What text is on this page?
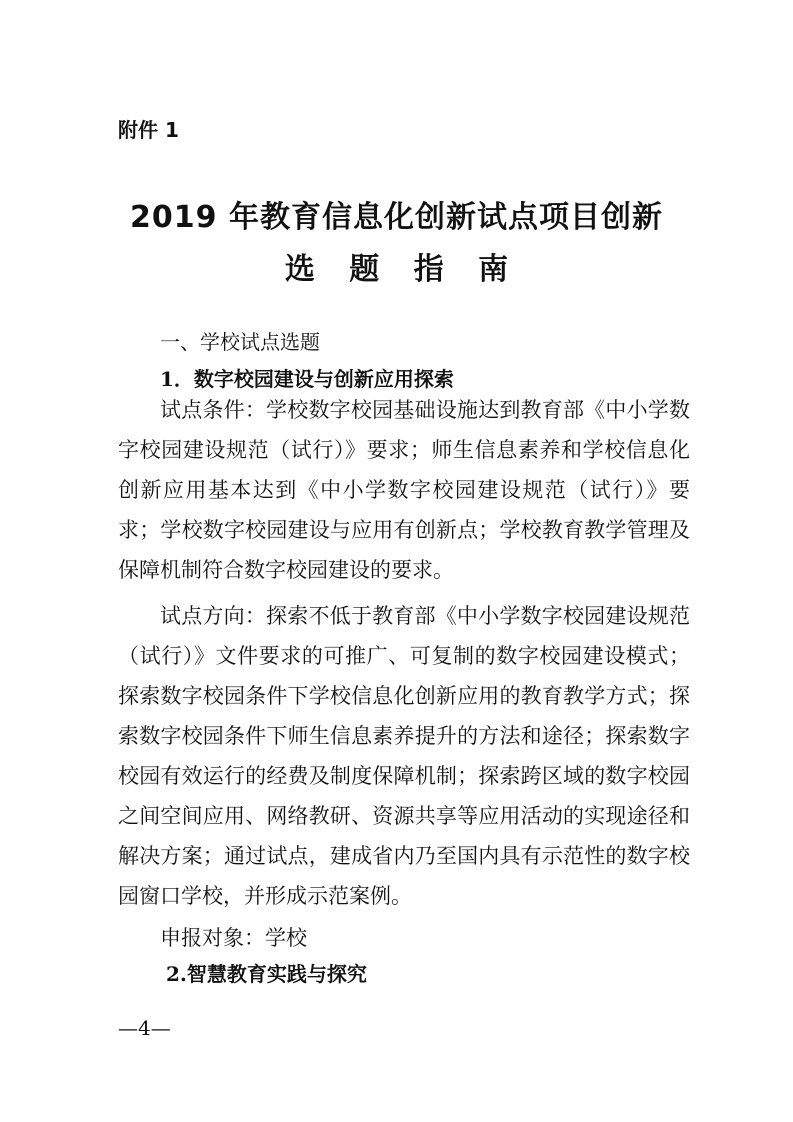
附件 1
2019 年教育信息化创新试点项目创新
选 题 指 南
一、学校试点选题
1．数字校园建设与创新应用探索
试点条件：学校数字校园基础设施达到教育部《中小学数字校园建设规范（试行）》要求；师生信息素养和学校信息化创新应用基本达到《中小学数字校园建设规范（试行）》要求；学校数字校园建设与应用有创新点；学校教育教学管理及保障机制符合数字校园建设的要求。
试点方向：探索不低于教育部《中小学数字校园建设规范（试行）》文件要求的可推广、可复制的数字校园建设模式；探索数字校园条件下学校信息化创新应用的教育教学方式；探索数字校园条件下师生信息素养提升的方法和途径；探索数字校园有效运行的经费及制度保障机制；探索跨区域的数字校园之间空间应用、网络教研、资源共享等应用活动的实现途径和解决方案；通过试点，建成省内乃至国内具有示范性的数字校园窗口学校，并形成示范案例。
申报对象：学校
2.智慧教育实践与探究
—4—
